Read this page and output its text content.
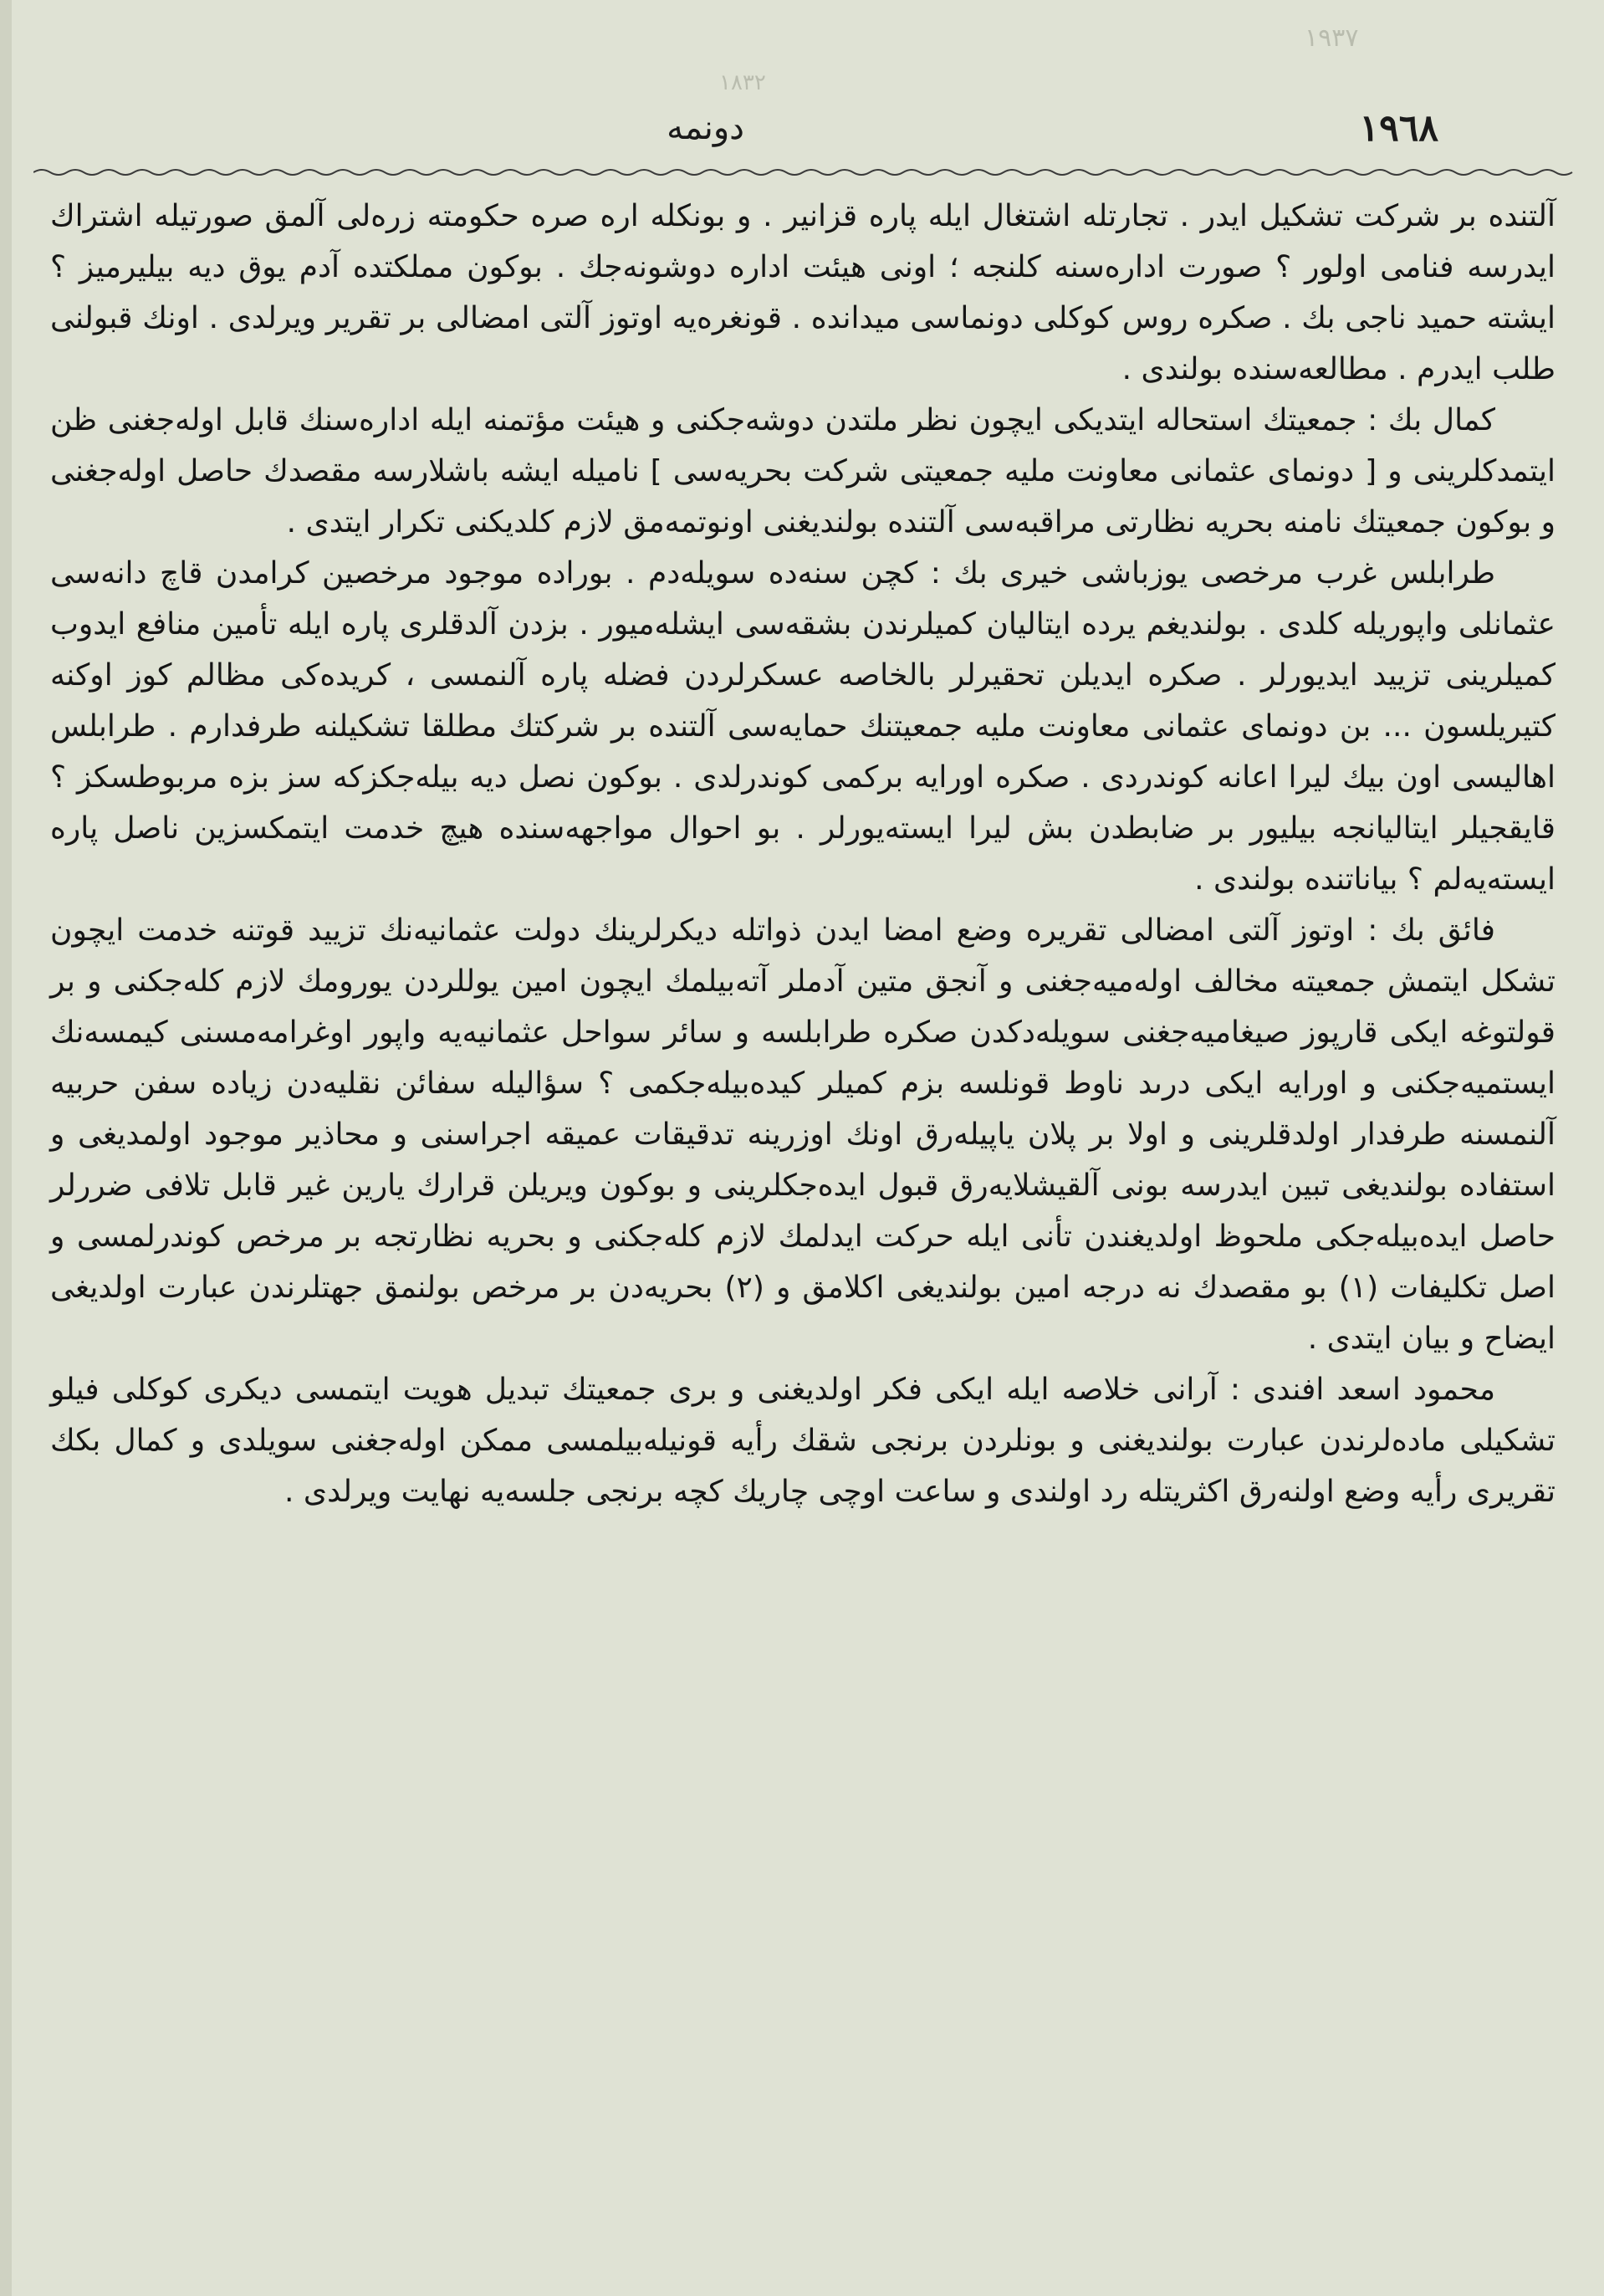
١٩٣٧
١٨٣٢
١٩٦٨
دونمه

آلتنده‌ بر شركت تشكيل ايدر . تجارتله اشتغال ايله پاره قزانير . و بونكله اره صره حكومته زره‌لى آلمق صورتيله اشتراك ايدرسه فنامى اولور ؟ صورت اداره‌سنه كلنجه ؛ اونى هيئت اداره دوشونه‌جك . بوكون مملكتده آدم يوق ديه بيليرميز ؟ ايشته حميد ناجى بك . صكره روس كوكلى دونماسى ميدانده . قونغره‌يه اوتوز آلتى امضالى بر تقرير ويرلدى . اونك قبولنى طلب ايدرم . مطالعه‌سنده بولندى .

كمال بك : جمعيتك استحاله‌ ايتديكى ايچون نظر ملتدن دوشه‌جكنى و هيئت مؤتمنه ايله اداره‌سنك قابل اوله‌جغنى ظن ايتمدكلرينى و [ دونماى عثمانى معاونت مليه جمعيتى شركت بحريه‌سى ] ناميله ايشه باشلارسه مقصدك حاصل اوله‌جغنى و بوكون جمعيتك نامنه بحريه نظارتى مراقبه‌سى آلتنده بولنديغنى اونوتمه‌مق لازم كلديكنى تكرار ايتدى .

طرابلس غرب مرخصى يوزباشى خيرى بك : كچن سنه‌ده سويله‌دم . بوراده موجود مرخصين كرامدن قاچ دانه‌سى عثمانلى واپوريله كلدى . بولنديغم يرده ايتاليان كميلرندن بشقه‌سى ايشله‌ميور . بزدن آلدقلرى پاره ايله تأمين منافع ايدوب كميلرينى تزييد ايديورلر . صكره ايديلن تحقيرلر بالخاصه عسكرلردن فضله پاره آلنمسى ، كريده‌كى مظالم كوز اوكنه كتيريلسون ... بن دونماى عثمانى معاونت مليه جمعيتنك حمايه‌سى آلتنده بر شركتك مطلقا تشكيلنه طرفدارم . طرابلس اهاليسى اون بيك ليرا اعانه كوندردى . صكره اورايه بركمى كوندرلدى . بوكون نصل ديه بيله‌جكزكه سز بزه مربوطسكز ؟ قايقجيلر ايتاليانجه بيليور بر ضابطدن بش ليرا ايسته‌يورلر . بو احوال مواجهه‌سنده هيچ خدمت ايتمكسزين ناصل پاره ايسته‌يەلم ؟ بياناتنده بولندى .

فائق بك : اوتوز آلتى امضالى تقريره وضع امضا ايدن ذواتله ديكرلرينك دولت عثمانيه‌نك تزييد قوتنه خدمت ايچون تشكل ايتمش جمعيته مخالف اوله‌ميه‌جغنى و آنجق متين آدملر آته‌بيلمك ايچون امين يوللردن يورومك لازم كله‌جكنى و بر قولتوغه ايكى قارپوز صيغاميه‌جغنى سويله‌دكدن صكره طرابلسه و سائر سواحل عثمانيه‌يه واپور اوغرامه‌مسنى كيمسه‌نك ايستميه‌جكنى و اورايه ايكى درىد ناوط قونلسه بزم كميلر كيده‌بيله‌جكمى ؟ سؤاليله سفائن نقليه‌دن زياده سفن حربيه آلنمسنه طرفدار اولدقلرينى و اولا بر پلان ياپيله‌رق اونك اوزرينه تدقيقات عميقه اجراسنى و محاذير موجود اولمديغى و استفاده بولنديغى تبين ايدرسه بونى آلقيشلايه‌رق قبول ايده‌جكلرينى و بوكون ويريلن قرارك يارين غير قابل تلافى ضررلر حاصل ايده‌بيله‌جكى ملحوظ اولديغندن تأنى ايله حركت ايدلمك لازم كله‌جكنى و بحريه نظارتجه بر مرخص كوندرلمسى و اصل تكليفات (١) بو مقصدك نه درجه امين بولنديغى اكلامق و (٢) بحريه‌دن بر مرخص بولنمق جهتلرندن عبارت اولديغى ايضاح و بيان ايتدى .

محمود اسعد افندى : آرانى خلاصه ايله ايكى فكر اولديغنى و برى جمعيتك تبديل هويت ايتمسى ديكرى كوكلى فيلو تشكيلى ماده‌لرندن عبارت بولنديغنى و بونلردن برنجى شقك رأيه قونيله‌بيلمسى ممكن اوله‌جغنى سويلدى و كمال بكك تقريرى رأيه وضع اولنه‌رق اكثريتله رد اولندى و ساعت اوچى چاريك كچه برنجى جلسه‌يه نهايت ويرلدى .
